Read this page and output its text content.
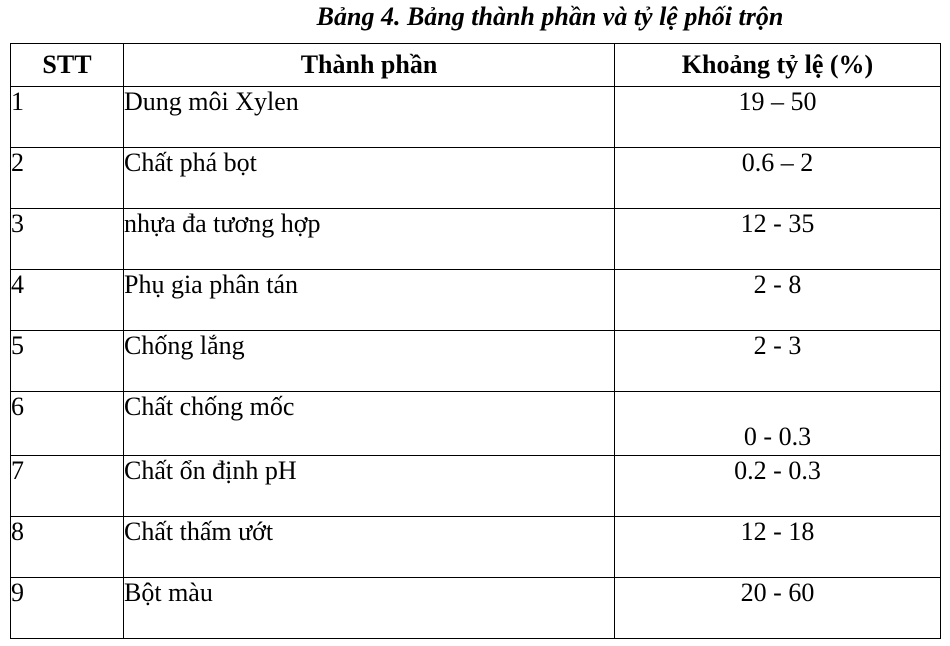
Bảng 4. Bảng thành phần và tỷ lệ phối trộn
STT	Thành phần	Khoảng tỷ lệ (%)
1	Dung môi Xylen	19 – 50
2	Chất phá bọt	0.6 – 2
3	nhựa đa tương hợp	12 - 35
4	Phụ gia phân tán	2 - 8
5	Chống lắng	2 - 3
6	Chất chống mốc	0 - 0.3
7	Chất ổn định pH	0.2 - 0.3
8	Chất thấm ướt	12 - 18
9	Bột màu	20 - 60
